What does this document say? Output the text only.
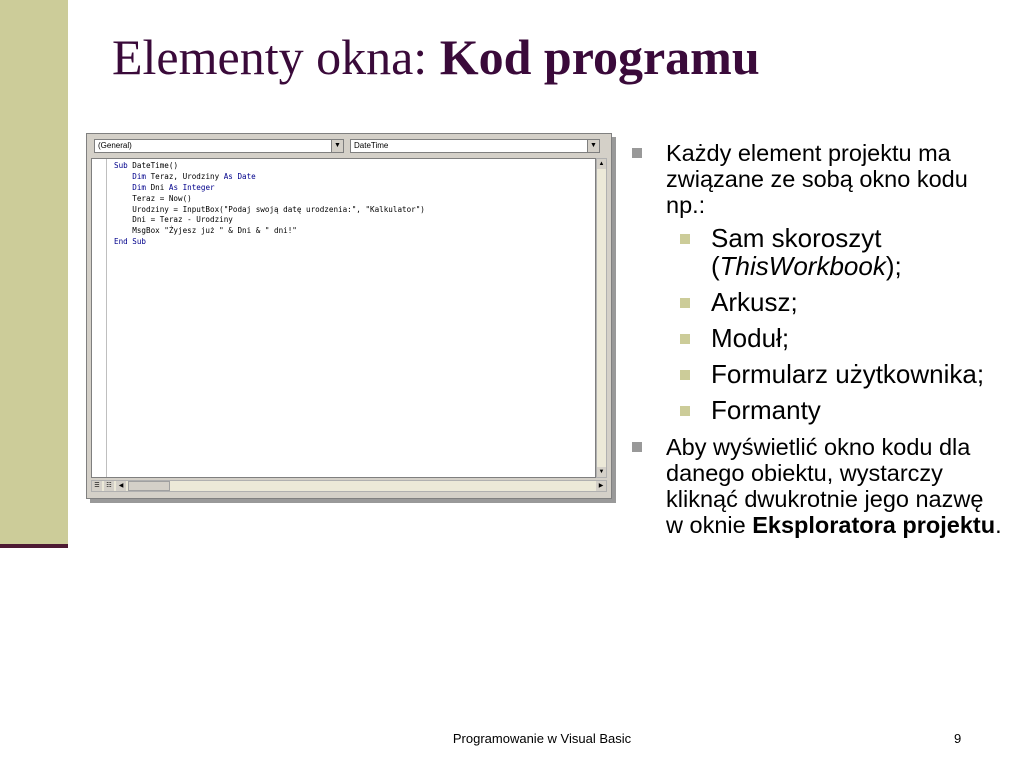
Elementy okna: Kod programu
(General)	▼	DateTime	▼
Sub DateTime()
Dim Teraz, Urodziny As Date
Dim Dni As Integer
Teraz = Now()
Urodziny = InputBox("Podaj swoją datę urodzenia:", "Kalkulator")
Dni = Teraz - Urodziny
MsgBox "Żyjesz już " & Dni & " dni!"
End Sub
▲
▼
☰	☷	◀	▶
Każdy element projektu ma związane ze sobą okno kodu np.:
Sam skoroszyt (ThisWorkbook);
Arkusz;
Moduł;
Formularz użytkownika;
Formanty
Aby wyświetlić okno kodu dla danego obiektu, wystarczy kliknąć dwukrotnie jego nazwę w oknie Eksploratora projektu.
Programowanie w Visual Basic	9
